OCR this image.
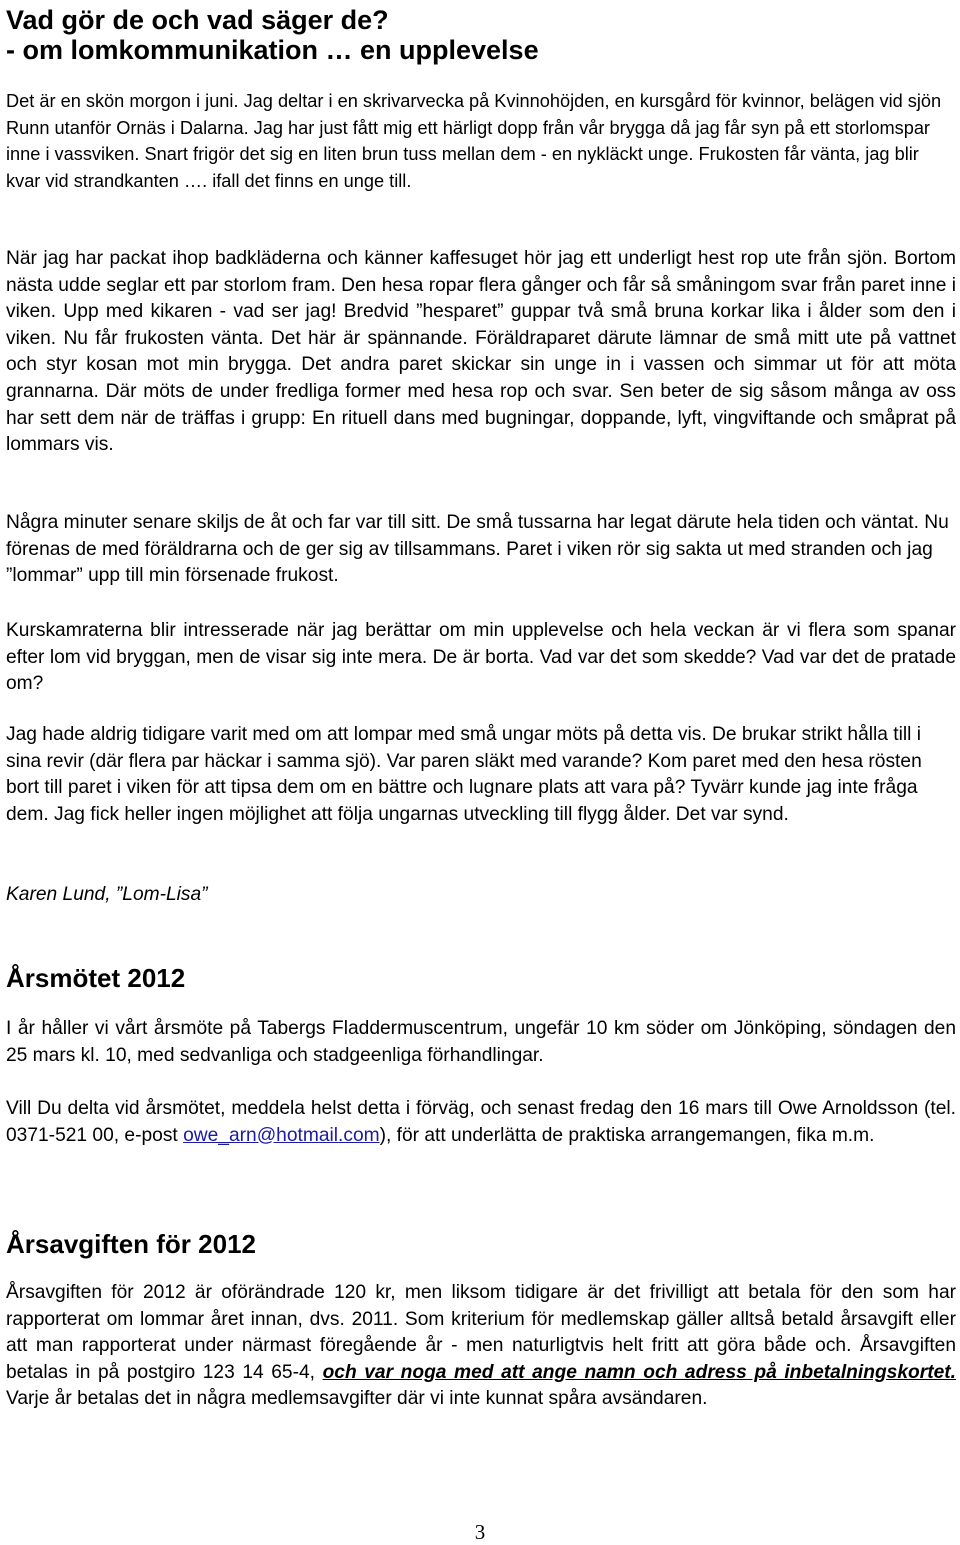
Vad gör de och vad säger de?
- om lomkommunikation … en upplevelse

Det är en skön morgon i juni. Jag deltar i en skrivarvecka på Kvinnohöjden, en kursgård för kvinnor, belägen vid sjön Runn utanför Ornäs i Dalarna. Jag har just fått mig ett härligt dopp från vår brygga då jag får syn på ett storlomspar inne i vassviken. Snart frigör det sig en liten brun tuss mellan dem - en nykläckt unge. Frukosten får vänta, jag blir kvar vid strandkanten …. ifall det finns en unge till.

När jag har packat ihop badkläderna och känner kaffesuget hör jag ett underligt hest rop ute från sjön. Bortom nästa udde seglar ett par storlom fram. Den hesa ropar flera gånger och får så småningom svar från paret inne i viken. Upp med kikaren - vad ser jag! Bredvid ”hesparet” guppar två små bruna korkar lika i ålder som den i viken. Nu får frukosten vänta. Det här är spännande. Föräldraparet därute lämnar de små mitt ute på vattnet och styr kosan mot min brygga. Det andra paret skickar sin unge in i vassen och simmar ut för att möta grannarna. Där möts de under fredliga former med hesa rop och svar. Sen beter de sig såsom många av oss har sett dem när de träffas i grupp: En rituell dans med bugningar, doppande, lyft, vingviftande och småprat på lommars vis.

Några minuter senare skiljs de åt och far var till sitt. De små tussarna har legat därute hela tiden och väntat. Nu förenas de med föräldrarna och de ger sig av tillsammans. Paret i viken rör sig sakta ut med stranden och jag ”lommar” upp till min försenade frukost.

Kurskamraterna blir intresserade när jag berättar om min upplevelse och hela veckan är vi flera som spanar efter lom vid bryggan, men de visar sig inte mera. De är borta. Vad var det som skedde? Vad var det de pratade om?

Jag hade aldrig tidigare varit med om att lompar med små ungar möts på detta vis. De brukar strikt hålla till i sina revir (där flera par häckar i samma sjö). Var paren släkt med varande? Kom paret med den hesa rösten bort till paret i viken för att tipsa dem om en bättre och lugnare plats att vara på? Tyvärr kunde jag inte fråga dem. Jag fick heller ingen möjlighet att följa ungarnas utveckling till flygg ålder. Det var synd.

Karen Lund, ”Lom-Lisa”

Årsmötet 2012

I år håller vi vårt årsmöte på Tabergs Fladdermuscentrum, ungefär 10 km söder om Jönköping, söndagen den 25 mars kl. 10, med sedvanliga och stadgeenliga förhandlingar.

Vill Du delta vid årsmötet, meddela helst detta i förväg, och senast fredag den 16 mars till Owe Arnoldsson (tel. 0371-521 00, e-post owe_arn@hotmail.com), för att underlätta de praktiska arrangemangen, fika m.m.

Årsavgiften för 2012

Årsavgiften för 2012 är oförändrade 120 kr, men liksom tidigare är det frivilligt att betala för den som har rapporterat om lommar året innan, dvs. 2011. Som kriterium för medlemskap gäller alltså betald årsavgift eller att man rapporterat under närmast föregående år - men naturligtvis helt fritt att göra både och. Årsavgiften betalas in på postgiro 123 14 65-4, och var noga med att ange namn och adress på inbetalningskortet. Varje år betalas det in några medlemsavgifter där vi inte kunnat spåra avsändaren.

3
